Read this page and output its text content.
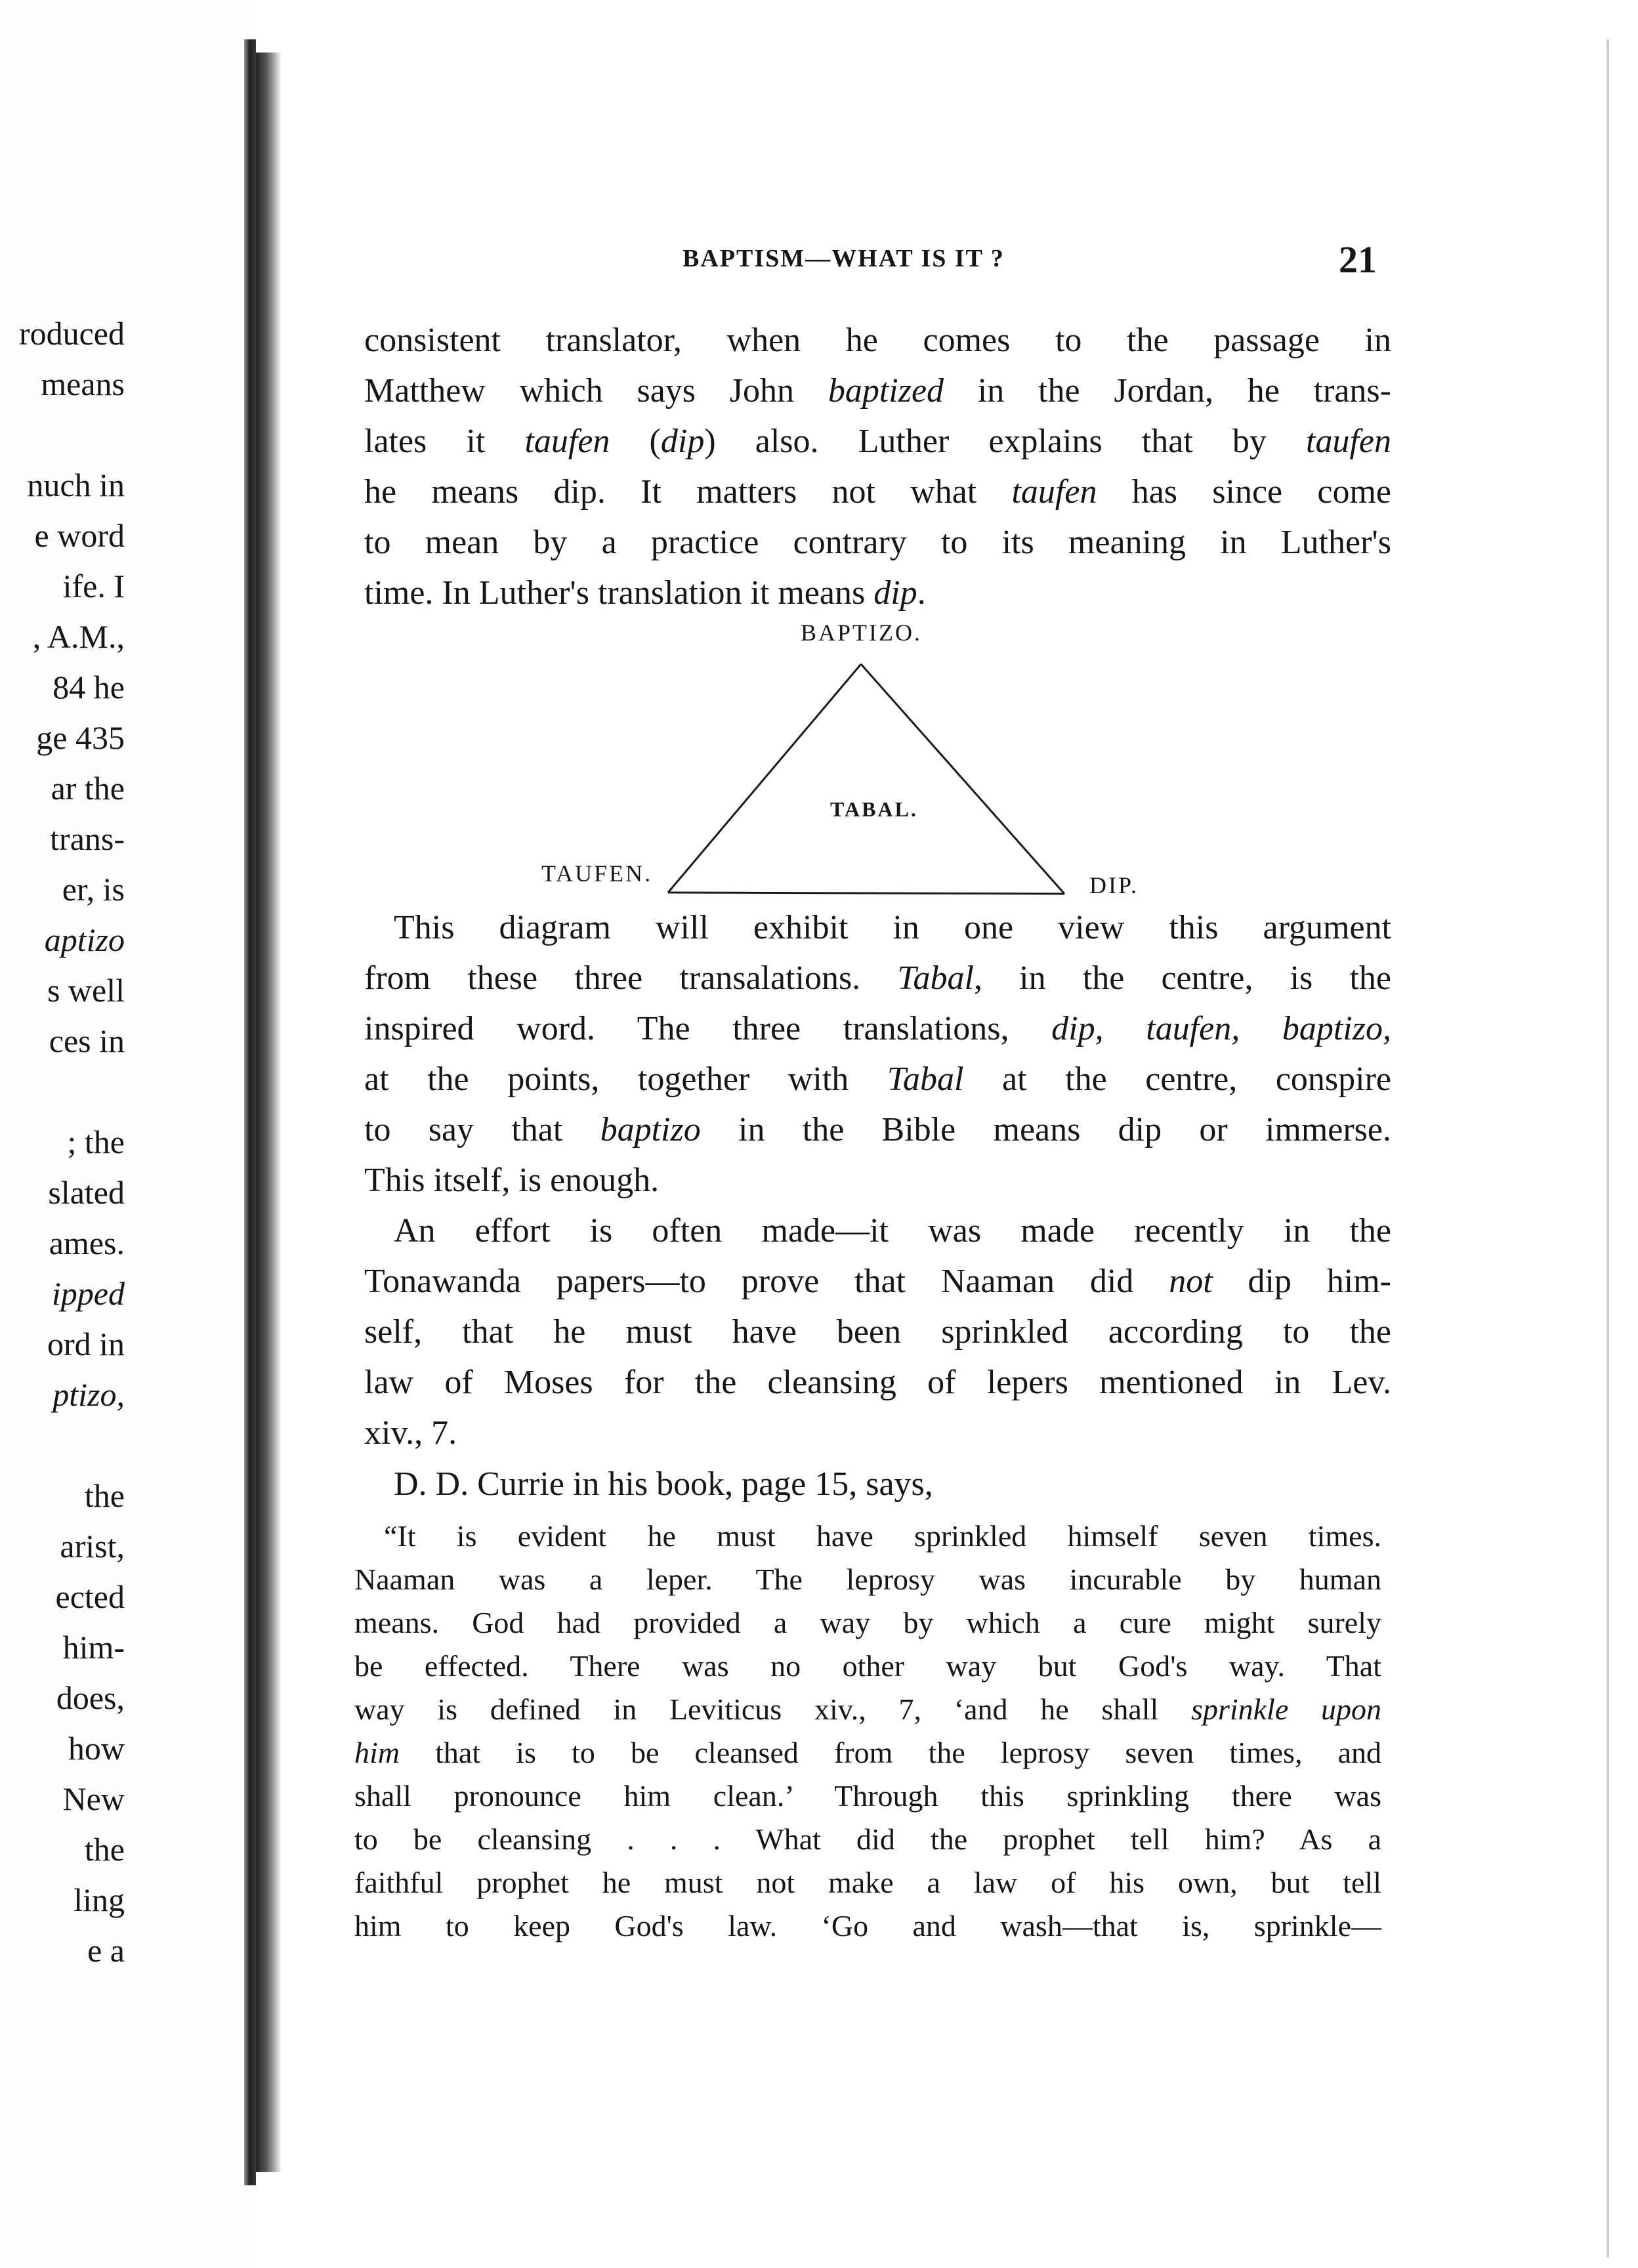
roduced
means
nuch in
e word
ife. I
, A.M.,
84 he
ge 435
ar the
trans-
er, is
aptizo
s well
ces in
; the
slated
ames.
ipped
ord in
ptizo,
the
arist,
ected
him-
does,
how
New
the
ling
e a
BAPTISM—WHAT IS IT ?	21
consistent translator, when he comes to the passage in
Matthew which says John baptized in the Jordan, he trans-
lates it taufen (dip) also. Luther explains that by taufen
he means dip. It matters not what taufen has since come
to mean by a practice contrary to its meaning in Luther's
time. In Luther's translation it means dip.
BAPTIZO.
TABAL.
TAUFEN.	DIP.
This diagram will exhibit in one view this argument
from these three transalations. Tabal, in the centre, is the
inspired word. The three translations, dip, taufen, baptizo,
at the points, together with Tabal at the centre, conspire
to say that baptizo in the Bible means dip or immerse.
This itself, is enough.
An effort is often made—it was made recently in the
Tonawanda papers—to prove that Naaman did not dip him-
self, that he must have been sprinkled according to the
law of Moses for the cleansing of lepers mentioned in Lev.
xiv., 7.
D. D. Currie in his book, page 15, says,
“It is evident he must have sprinkled himself seven times.
Naaman was a leper. The leprosy was incurable by human
means. God had provided a way by which a cure might surely
be effected. There was no other way but God's way. That
way is defined in Leviticus xiv., 7, ‘and he shall sprinkle upon
him that is to be cleansed from the leprosy seven times, and
shall pronounce him clean.’ Through this sprinkling there was
to be cleansing . . . What did the prophet tell him? As a
faithful prophet he must not make a law of his own, but tell
him to keep God's law. ‘Go and wash—that is, sprinkle—
